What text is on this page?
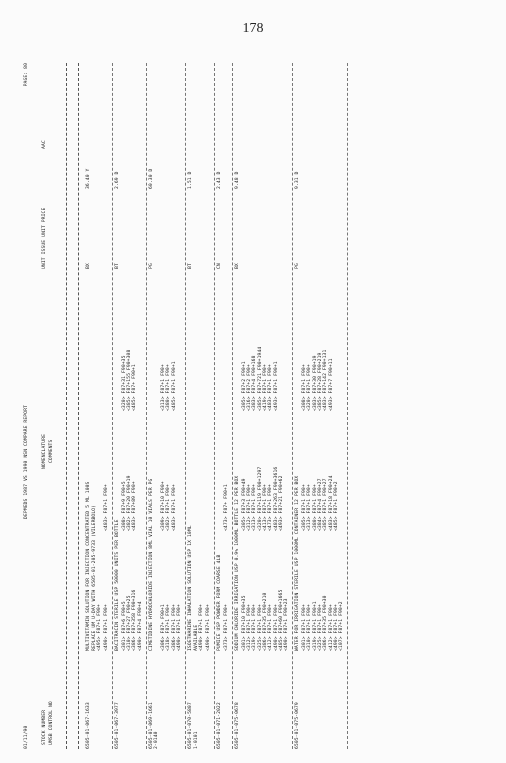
178
01/11/90
DEPMEDS 1987 VS 1990 NSN COMPARE REPORT
PAGE: 80
STOCK NUMBER UMSB CONTROL NO
NOMENCLATURE COMMENTS
UNIT ISSUE UNIT PRICE
AAC
6505-01-067-1633
MULTIVITAMIN SOLUTION FOR INJECTION CONCENTRATED 5 ML 100S
BX
36.40 Y
REPLACE UM U-DAY WITH 6505-01-205-9733 (VILERBOLO) <495> F87+1 F90+ <490> F87+1 F90+
<483> F87+1 F90+
6505-01-067-3977
BACITRACIN STERILE USP 50000 UNITS PER BOTTLE
BT
2.69 D
<301> F87+6 F90+5 <310> F87+27 F90+25 <386> F87+358 F90+316 <490> F87+4 F90+4
<308> F87+9 F90+5 <382> F87+20 F90+19 <483> F87+89 F90+
<320> F87+31 F90+35 <385> F87+155 F90+308 <485> F87+ F90+1
6505-01-069-1661
CIMETIDINE HYDROCHLORIDE INJECTION 8ML VIAL 10 VIALS PER PG
PG
60.30 D
2-0140
<306> F87+ F90+1 <318> F87+1 F90+ <386> F87+1 F90+ <490> F87+1 F90+
<309> F87+10 F90+ <382> F87+1 F90+ <483> F87+1 F90+
<313> F87+1 F90+ <380> F87+1 F90+ <485> F87+1 F90+1
6505-01-070-5807
ISOETHARINE INHALATION SOLUTION USP 1X 10ML
BT
1.51 D
1-0101
AVAILABLE <490> F87+1 F90+ <490> F87+1 F90+
6505-01-071-2022
PUMICE USP POWDER FORM COARSE 4LB
CN
2.43 D
<373> F87+1 F90+
<473> F87+ F90+1
6505-01-075-0678
SODIUM CHLORIDE IRRIGATION USP 0.9% 1000ML BOTTLE 12 PER BOX
BX
9.48 D
<301> F87+10 F90+35 <312> F87+1 F90+ <319> F87+1 F90+ <325> F87+1 F90+ <386> F87+35 F90+210 <412> F87+1 F90+ <490> F87+1 F90+ <485> F87+60 F90+1665 <490> F87+1 F90+23
<305> F87+3 F90+49 <312> F87+1 F90+ <313> F87+1 F90+ <320> F87+119 F90+1297 <413> F87+1 F90+ <473> F87+1 F90+ <483> F87+263 F90+3616 <493> F87+21 F90+62
<305> F87+2 F90+1 <316> F87+2 F90+ <383> F87+4 F90+168 <385> F87+721 F90+1944 <419> F87+1 F90+ <483> F87+1 F90+ <493> F87+1 F90+1
6505-01-075-0679
WATER FOR IRRIGATION STERILE USP 1000ML CONTAINER 12 PER BOX
PG
9.31 D
<301> F87+1 F90+ <310> F87+1 F90+ <319> F87+1 F90+1 <325> F87+1 F90+ <386> F87+35 F90+30 <412> F87+1 F90+ <490> F87+1 F90+ <107> F87+1 F90+2
<305> F87+1 F90+ <313> F87+1 F90+ <380> F87+1 F90+ <384> F87+4 F90+27 <385> F87+1 F90+27 <483> F87+18 F90+24 <485> F87+1 F90+2
<308> F87+1 F90+ <320> F87+1 F90+ <383> F87+30 F90+19 <385> F87+28 F90+219 <483> F87+142 F90+131 <493> F87+7 F90+11
